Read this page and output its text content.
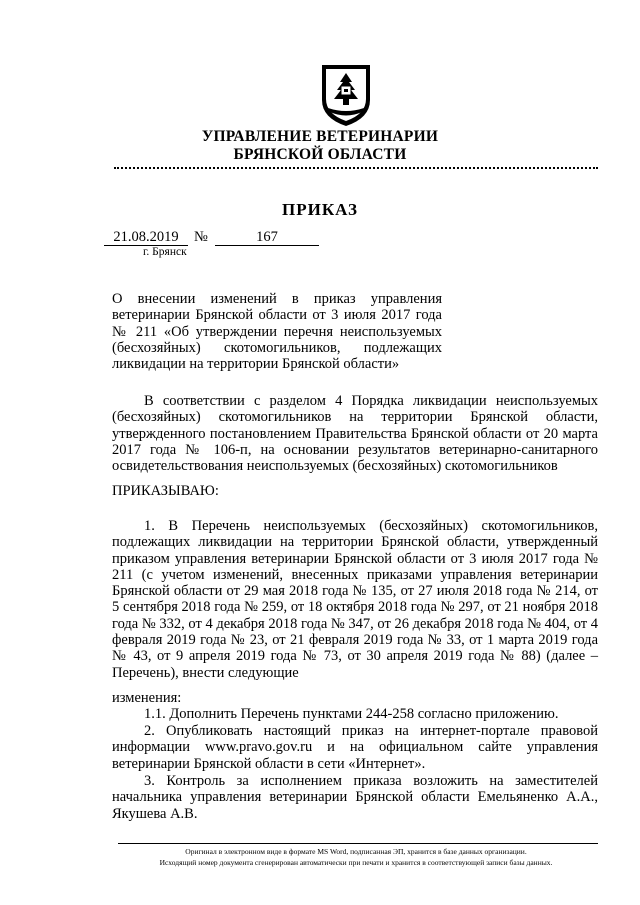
УПРАВЛЕНИЕ ВЕТЕРИНАРИИ
БРЯНСКОЙ ОБЛАСТИ
ПРИКАЗ
21.08.2019	№	167
г. Брянск
О внесении изменений в приказ управления ветеринарии Брянской области от 3 июля 2017 года № 211 «Об утверждении перечня неиспользуемых (бесхозяйных) скотомогильников, подлежащих ликвидации на территории Брянской области»
В соответствии с разделом 4 Порядка ликвидации неиспользуемых (бесхозяйных) скотомогильников на территории Брянской области, утвержденного постановлением Правительства Брянской области от 20 марта 2017 года № 106-п, на основании результатов ветеринарно-санитарного освидетельствования неиспользуемых (бесхозяйных) скотомогильников
ПРИКАЗЫВАЮ:
1. В Перечень неиспользуемых (бесхозяйных) скотомогильников, подлежащих ликвидации на территории Брянской области, утвержденный приказом управления ветеринарии Брянской области от 3 июля 2017 года № 211 (с учетом изменений, внесенных приказами управления ветеринарии Брянской области от 29 мая 2018 года № 135, от 27 июля 2018 года № 214, от 5 сентября 2018 года № 259, от 18 октября 2018 года № 297, от 21 ноября 2018 года № 332, от 4 декабря 2018 года № 347, от 26 декабря 2018 года № 404, от 4 февраля 2019 года № 23, от 21 февраля 2019 года № 33, от 1 марта 2019 года № 43, от 9 апреля 2019 года № 73, от 30 апреля 2019 года № 88) (далее – Перечень), внести следующие
изменения:
1.1. Дополнить Перечень пунктами 244-258 согласно приложению.
2. Опубликовать настоящий приказ на интернет-портале правовой информации www.pravo.gov.ru и на официальном сайте управления ветеринарии Брянской области в сети «Интернет».
3. Контроль за исполнением приказа возложить на заместителей начальника управления ветеринарии Брянской области Емельяненко А.А., Якушева А.В.
Оригинал в электронном виде в формате MS Word, подписанная ЭП, хранится в базе данных организации.
Исходящий номер документа сгенерирован автоматически при печати и хранится в соответствующей записи базы данных.
